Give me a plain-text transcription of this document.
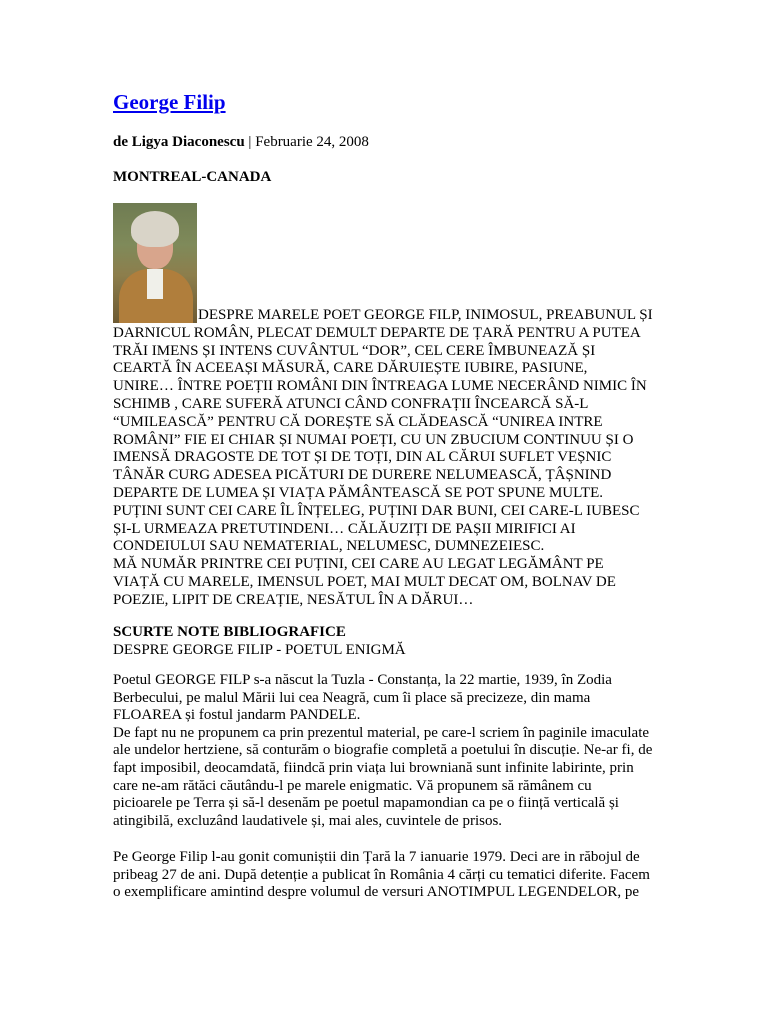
George Filip
de Ligya Diaconescu | Februarie 24, 2008
MONTREAL-CANADA
DESPRE MARELE POET GEORGE FILP, INIMOSUL, PREABUNUL ȘI
DARNICUL ROMÂN, PLECAT DEMULT DEPARTE DE ȚARĂ PENTRU A PUTEA
TRĂI IMENS ȘI INTENS CUVÂNTUL “DOR”, CEL CERE ÎMBUNEAZĂ ȘI
CEARTĂ ÎN ACEEAȘI MĂSURĂ, CARE DĂRUIEȘTE IUBIRE, PASIUNE,
UNIRE… ÎNTRE POEȚII ROMÂNI DIN ÎNTREAGA LUME NECERÂND NIMIC ÎN
SCHIMB , CARE SUFERĂ ATUNCI CÂND CONFRAȚII ÎNCEARCĂ SĂ-L
“UMILEASCĂ” PENTRU CĂ DOREȘTE SĂ CLĂDEASCĂ “UNIREA INTRE
ROMÂNI” FIE EI CHIAR ȘI NUMAI POEȚI, CU UN ZBUCIUM CONTINUU ȘI O
IMENSĂ DRAGOSTE DE TOT ȘI DE TOȚI, DIN AL CĂRUI SUFLET VEȘNIC
TÂNĂR CURG ADESEA PICĂTURI DE DURERE NELUMEASCĂ, ȚÂȘNIND
DEPARTE DE LUMEA ȘI VIAȚA PĂMÂNTEASCĂ SE POT SPUNE MULTE.
PUȚINI SUNT CEI CARE ÎL ÎNȚELEG, PUȚINI DAR BUNI, CEI CARE-L IUBESC
ȘI-L URMEAZA PRETUTINDENI… CĂLĂUZIȚI DE PAȘII MIRIFICI AI
CONDEIULUI SAU NEMATERIAL, NELUMESC, DUMNEZEIESC.
MĂ NUMĂR PRINTRE CEI PUȚINI, CEI CARE AU LEGAT LEGĂMÂNT PE
VIAȚĂ CU MARELE, IMENSUL POET, MAI MULT DECAT OM, BOLNAV DE
POEZIE, LIPIT DE CREAȚIE, NESĂTUL ÎN A DĂRUI…
SCURTE NOTE BIBLIOGRAFICE
DESPRE GEORGE FILIP - POETUL ENIGMĂ
Poetul GEORGE FILP s-a născut la Tuzla - Constanța, la 22 martie, 1939, în Zodia
Berbecului, pe malul Mării lui cea Neagră, cum îi place să precizeze, din mama
FLOAREA și fostul jandarm PANDELE.
De fapt nu ne propunem ca prin prezentul material, pe care-l scriem în paginile imaculate
ale undelor hertziene, să conturăm o biografie completă a poetului în discuție. Ne-ar fi, de
fapt imposibil, deocamdată, fiindcă prin viața lui browniană sunt infinite labirinte, prin
care ne-am rătăci căutându-l pe marele enigmatic. Vă propunem să rămânem cu
picioarele pe Terra și să-l desenăm pe poetul mapamondian ca pe o ființă verticală și
atingibilă, excluzând laudativele și, mai ales, cuvintele de prisos.
Pe George Filip l-au gonit comuniștii din Țară la 7 ianuarie 1979. Deci are in răbojul de
pribeag 27 de ani. După detenție a publicat în România 4 cărți cu tematici diferite. Facem
o exemplificare amintind despre volumul de versuri ANOTIMPUL LEGENDELOR, pe
